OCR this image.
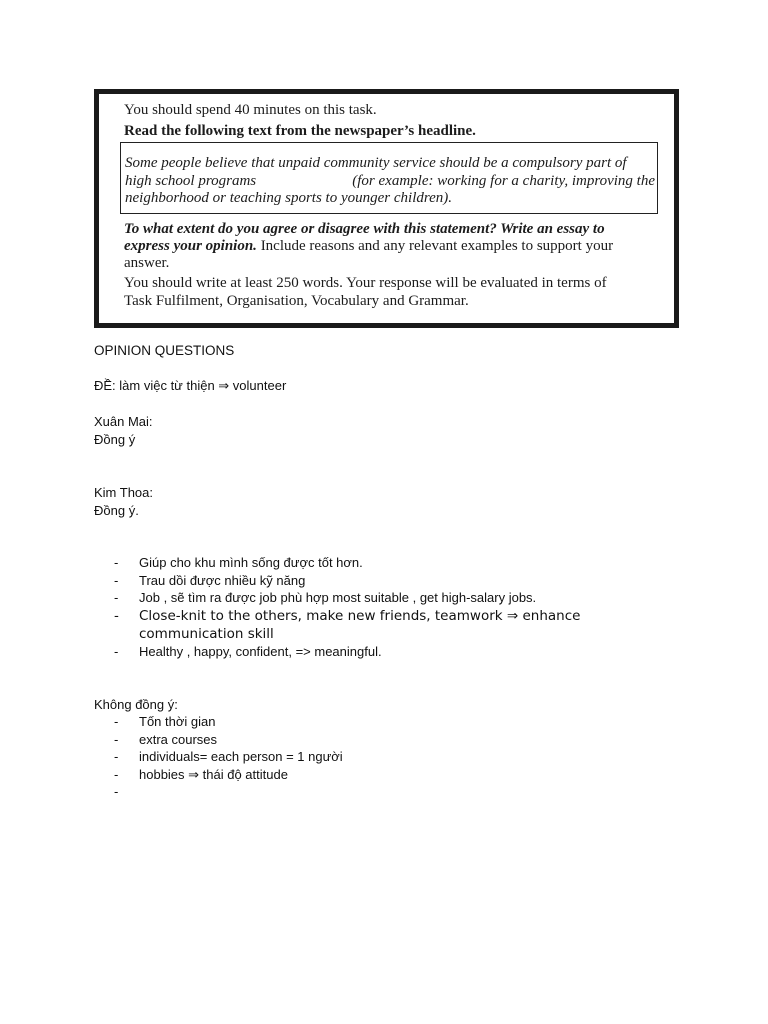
You should spend 40 minutes on this task.
Read the following text from the newspaper’s headline.
Some people believe that unpaid community service should be a compulsory part of
high school programs	(for example: working for a charity, improving the
neighborhood or teaching sports to younger children).
To what extent do you agree or disagree with this statement? Write an essay to
express your opinion. Include reasons and any relevant examples to support your
answer.
You should write at least 250 words. Your response will be evaluated in terms of
Task Fulfilment, Organisation, Vocabulary and Grammar.
OPINION QUESTIONS
ĐỀ: làm việc từ thiện ⇒ volunteer
Xuân Mai:
Đồng ý
Kim Thoa:
Đồng ý.
- Giúp cho khu mình sống được tốt hơn.
- Trau dồi được nhiều kỹ năng
- Job , sẽ tìm ra được job phù hợp most suitable , get high-salary jobs.
- Close-knit to the others, make new friends, teamwork ⇒ enhance communication skill
- Healthy , happy, confident, => meaningful.
Không đồng ý:
- Tốn thời gian
- extra courses
- individuals= each person = 1 người
- hobbies ⇒ thái độ attitude
-
